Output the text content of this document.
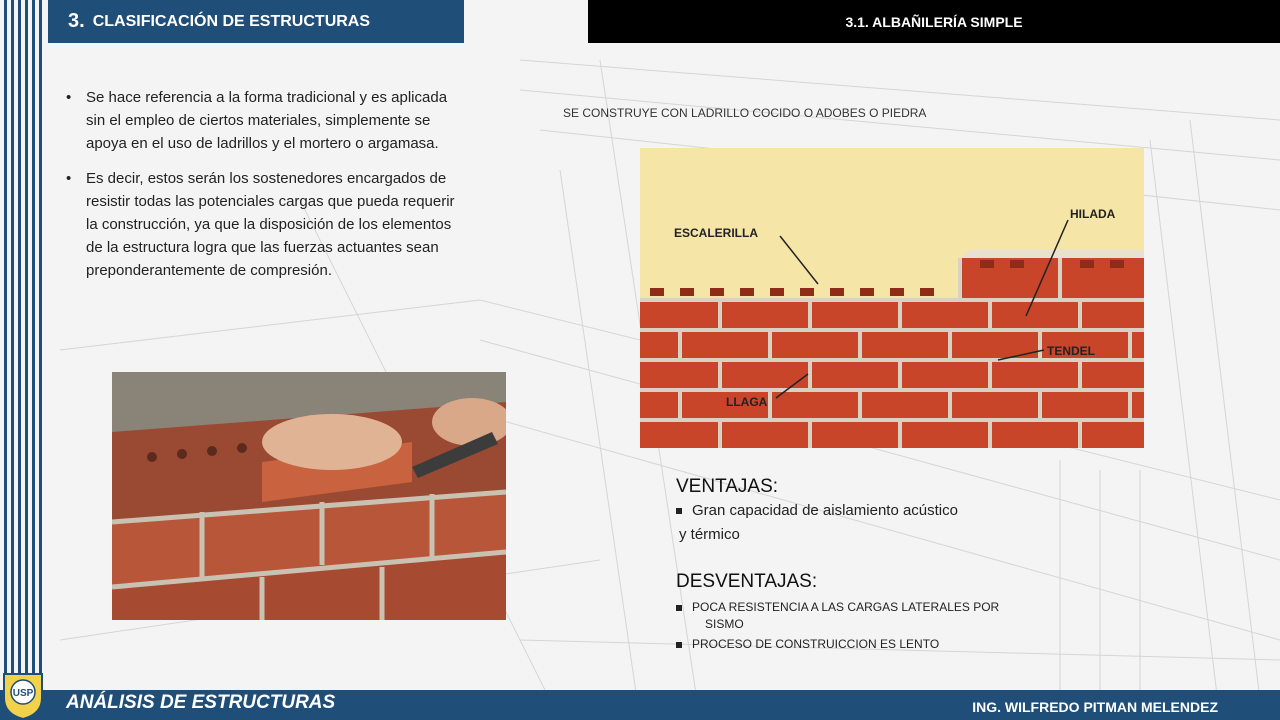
3. CLASIFICACIÓN DE ESTRUCTURAS	3.1. ALBAÑILERÍA SIMPLE
• Se hace referencia a la forma tradicional y es aplicada sin el empleo de ciertos materiales, simplemente se apoya en el uso de ladrillos y el mortero o argamasa.
• Es decir, estos serán los sostenedores encargados de resistir todas las potenciales cargas que pueda requerir la construcción, ya que la disposición de los elementos de la estructura logra que las fuerzas actuantes sean preponderantemente de compresión.
SE CONSTRUYE CON LADRILLO COCIDO O ADOBES O PIEDRA
ESCALERILLA
HILADA
TENDEL
LLAGA
VENTAJAS:
Gran capacidad de aislamiento acústico
y térmico
DESVENTAJAS:
POCA RESISTENCIA A LAS CARGAS LATERALES POR
SISMO
PROCESO DE CONSTRUICCION ES LENTO
ANÁLISIS DE ESTRUCTURAS	ING. WILFREDO PITMAN MELENDEZ
USP
